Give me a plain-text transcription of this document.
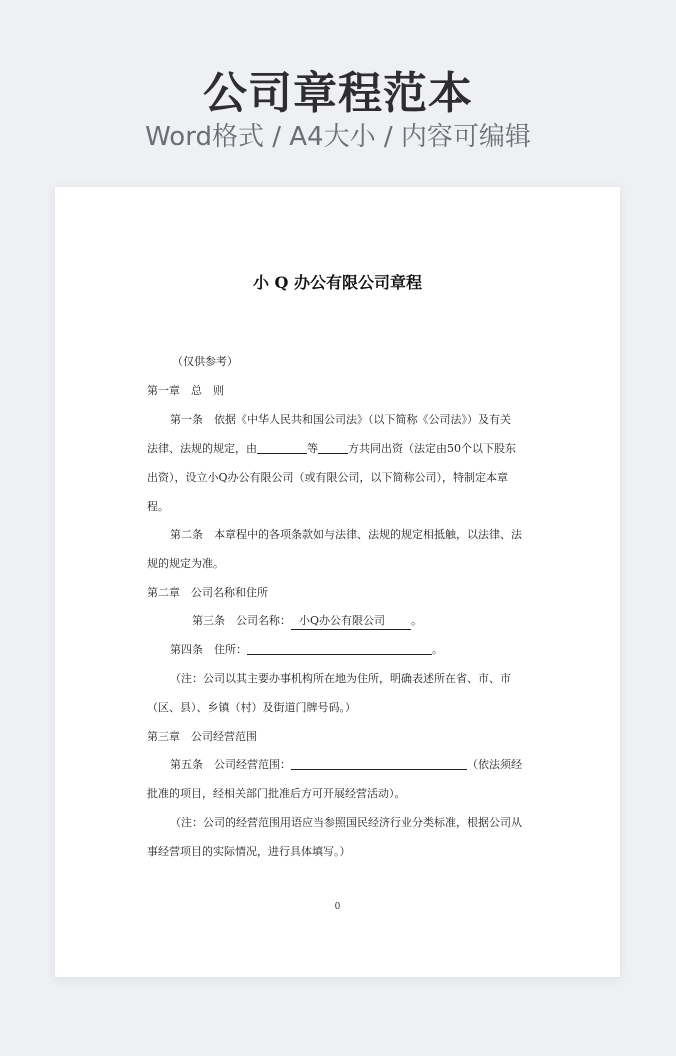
公司章程范本
Word格式 / A4大小 / 内容可编辑
小 Q 办公有限公司章程
（仅供参考）
第一章　总　则
第一条　 依据《中华人民共和国公司法》（以下简称《公司法》）及有关
法律、法规的规定，由	等	方共同出资（法定由50个以下股东
出资），设立小Q办公有限公司（或有限公司，以下简称公司），特制定本章
程。
第二条　 本章程中的各项条款如与法律、法规的规定相抵触，以法律、法
规的规定为准。
第二章　公司名称和住所
第三条　 公司名称： 小Q办公有限公司 。
第四条　 住所：	。
（注：公司以其主要办事机构所在地为住所，明确表述所在省、市、市
（区、县）、乡镇（村）及街道门牌号码。）
第三章　公司经营范围
第五条　 公司经营范围：	（依法须经
批准的项目，经相关部门批准后方可开展经营活动）。
（注：公司的经营范围用语应当参照国民经济行业分类标准，根据公司从
事经营项目的实际情况，进行具体填写。）
0
